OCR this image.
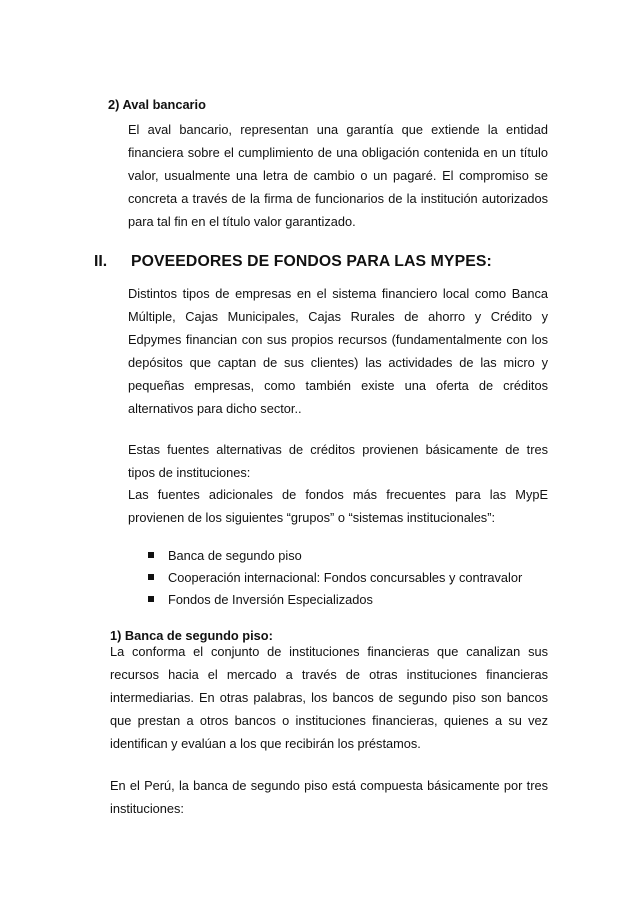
2) Aval bancario

El aval bancario, representan una garantía que extiende la entidad financiera sobre el cumplimiento de una obligación contenida en un título valor, usualmente una letra de cambio o un pagaré. El compromiso se concreta a través de la firma de funcionarios de la institución autorizados para tal fin en el título valor garantizado.

II. POVEEDORES DE FONDOS PARA LAS MYPES:

Distintos tipos de empresas en el sistema financiero local como Banca Múltiple, Cajas Municipales, Cajas Rurales de ahorro y Crédito y Edpymes financian con sus propios recursos (fundamentalmente con los depósitos que captan de sus clientes) las actividades de las micro y pequeñas empresas, como también existe una oferta de créditos alternativos para dicho sector..

Estas fuentes alternativas de créditos provienen básicamente de tres tipos de instituciones:

Las fuentes adicionales de fondos más frecuentes para las MypE provienen de los siguientes “grupos” o “sistemas institucionales”:

Banca de segundo piso
Cooperación internacional: Fondos concursables y contravalor
Fondos de Inversión Especializados
1) Banca de segundo piso:

La conforma el conjunto de instituciones financieras que canalizan sus recursos hacia el mercado a través de otras instituciones financieras intermediarias. En otras palabras, los bancos de segundo piso son bancos que prestan a otros bancos o instituciones financieras, quienes a su vez identifican y evalúan a los que recibirán los préstamos.

En el Perú, la banca de segundo piso está compuesta básicamente por tres instituciones:
